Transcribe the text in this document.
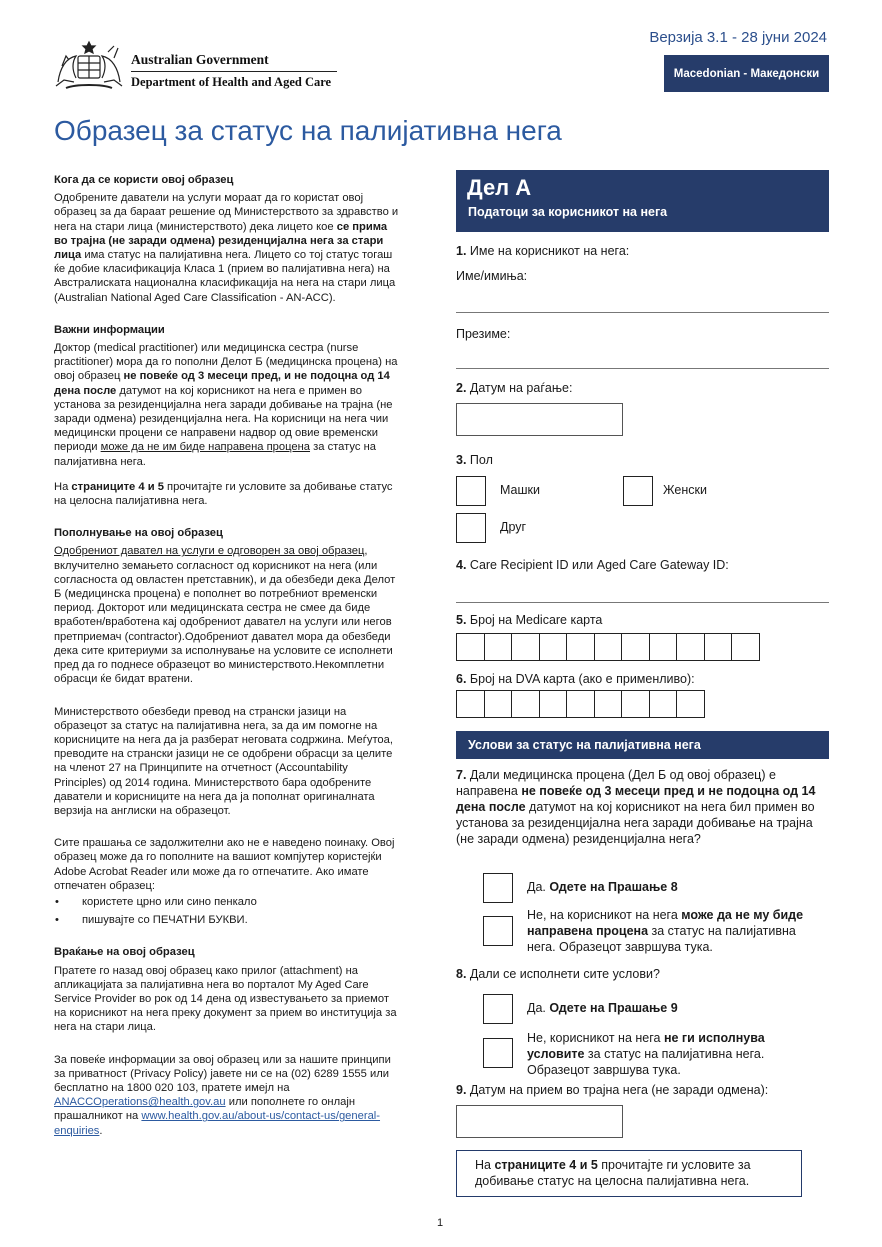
Australian Government
Department of Health and Aged Care
Верзија 3.1 - 28 јуни 2024
Macedonian - Македонски
Образец за статус на палијативна нега
Кога да се користи овој образец

Одобрените даватели на услуги мораат да го користат овој образец за да бараат решение од Министерството за здравство и нега на стари лица (министерството) дека лицето кое се прима во трајна (не заради одмена) резиденцијална нега за стари лица има статус на палијативна нега. Лицето со тој статус тогаш ќе добие класификација Класа 1 (прием во палијативна нега) на Австралиската национална класификација на нега на стари лица (Australian National Aged Care Classification - AN-ACC).

Важни информации

Доктор (medical practitioner) или медицинска сестра (nurse practitioner) мора да го пополни Делот Б (медицинска процена) на овој образец не повеќе од 3 месеци пред, и не подоцна од 14 дена после датумот на кој корисникот на нега е примен во установа за резиденцијална нега заради добивање на трајна (не заради одмена) резиденцијална нега. На корисници на нега чии медицински процени се направени надвор од овие временски периоди може да не им биде направена процена за статус на палијативна нега.

На страниците 4 и 5 прочитајте ги условите за добивање статус на целосна палијативна нега.

Пополнување на овој образец

Одобрениот давател на услуги е одговорен за овој образец, вклучително земањето согласност од корисникот на нега (или согласноста од овластен претставник), и да обезбеди дека Делот Б (медицинска процена) е пополнет во потребниот временски период. Докторот или медицинската сестра не смее да биде вработен/вработена кај одобрениот давател на услуги или негов претприемач (contractor).Одобрениот давател мора да обезбеди дека сите критериуми за исполнување на условите се исполнети пред да го поднесе образецот во министерството.Некомплетни обрасци ќе бидат вратени.

Министерството обезбеди превод на странски јазици на образецот за статус на палијативна нега, за да им помогне на корисниците на нега да ја разберат неговата содржина. Меѓутоа, преводите на странски јазици не се одобрени обрасци за целите на членот 27 на Принципите на отчетност (Accountability Principles) од 2014 година. Министерството бара одобрените даватели и корисниците на нега да ја пополнат оригиналната верзија на англиски на образецот.

Сите прашања се задолжителни ако не е наведено поинаку. Овој образец може да го пополните на вашиот компјутер користејќи Adobe Acrobat Reader или може да го отпечатите. Ако имате отпечатен образец:

• користете црно или сино пенкало
• пишувајте со ПЕЧАТНИ БУКВИ.
Враќање на овој образец

Пратете го назад овој образец како прилог (attachment) на апликацијата за палијативна нега во порталот My Aged Care Service Provider во рок од 14 дена од известувањето за приемот на корисникот на нега преку документ за прием во институција за нега на стари лица.

За повеќе информации за овој образец или за нашите принципи за приватност (Privacy Policy) јавете ни се на (02) 6289 1555 или бесплатно на 1800 020 103, пратете имејл на ANACCOperations@health.gov.au или пополнете го онлајн прашалникот на www.health.gov.au/about-us/contact-us/general-enquiries.

Дел А
Податоци за корисникот на нега
1. Име на корисникот на нега:
Име/имиња:
Презиме:
2. Датум на раѓање:
3. Пол
Машки	Женски
Друг
4. Care Recipient ID или Aged Care Gateway ID:
5. Број на Medicare карта
6. Број на DVA карта (ако е применливо):
Услови за статус на палијативна нега
7. Дали медицинска процена (Дел Б од овој образец) е направена не повеќе од 3 месеци пред и не подоцна од 14 дена после датумот на кој корисникот на нега бил примен во установа за резиденцијална нега заради добивање на трајна (не заради одмена) резиденцијална нега?
Да. Одете на Прашање 8
Не, на корисникот на нега може да не му биде направена процена за статус на палијативна нега. Образецот завршува тука.
8. Дали се исполнети сите услови?
Да. Одете на Прашање 9
Не, корисникот на нега не ги исполнува условите за статус на палијативна нега. Образецот завршува тука.
9. Датум на прием во трајна нега (не заради одмена):
На страниците 4 и 5 прочитајте ги условите за добивање статус на целосна палијативна нега.
1
